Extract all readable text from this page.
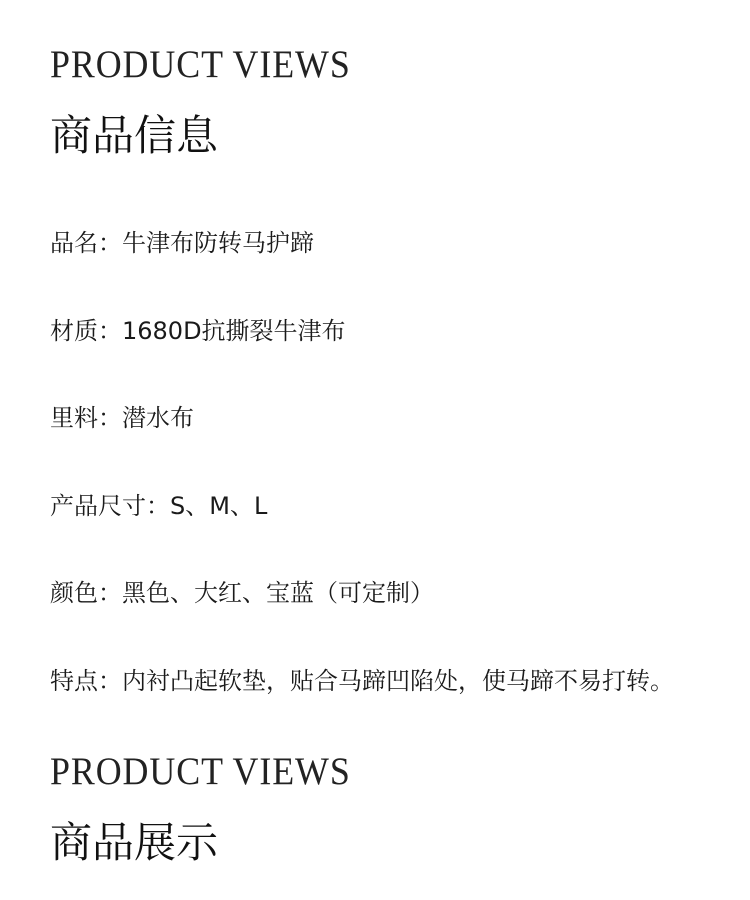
PRODUCT VIEWS
商品信息
品名：牛津布防转马护蹄
材质：1680D抗撕裂牛津布
里料：潜水布
产品尺寸：S、M、L
颜色：黑色、大红、宝蓝（可定制）
特点：内衬凸起软垫，贴合马蹄凹陷处，使马蹄不易打转。
PRODUCT VIEWS
商品展示
